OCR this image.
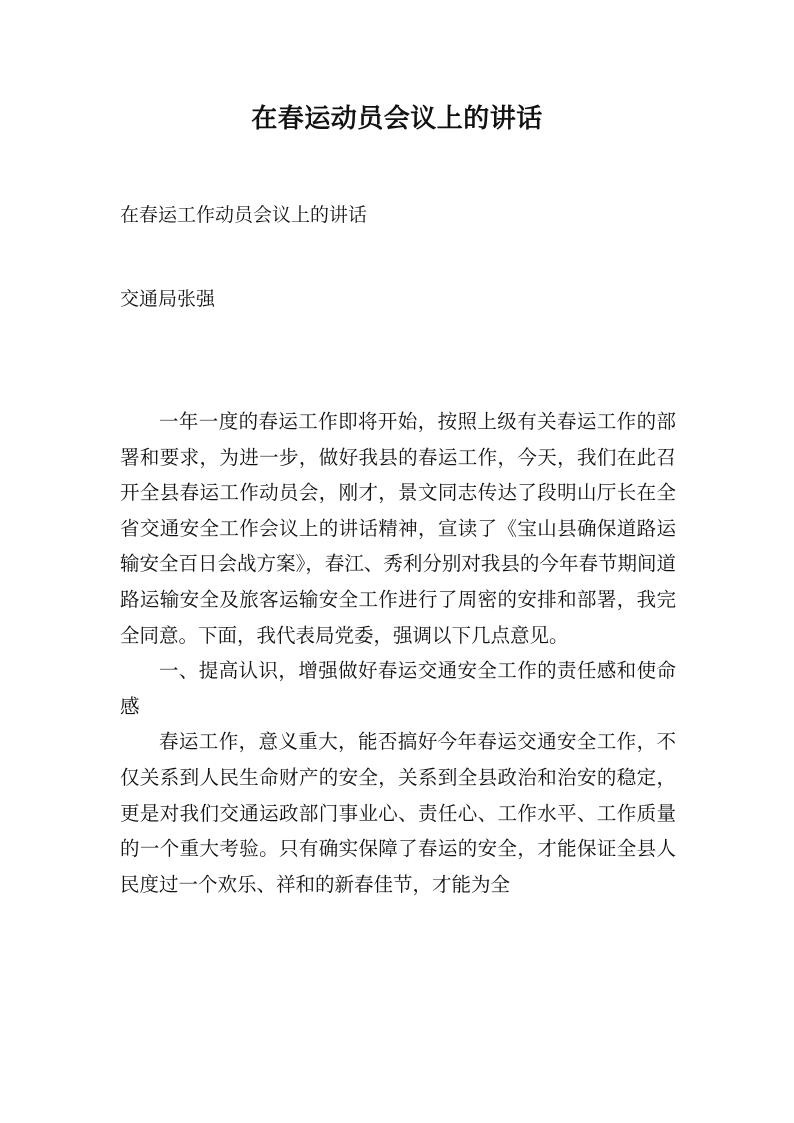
在春运动员会议上的讲话
在春运工作动员会议上的讲话
交通局张强

一年一度的春运工作即将开始，按照上级有关春运工作的部署和要求，为进一步，做好我县的春运工作，今天，我们在此召开全县春运工作动员会，刚才，景文同志传达了段明山厅长在全省交通安全工作会议上的讲话精神，宣读了《宝山县确保道路运输安全百日会战方案》，春江、秀利分别对我县的今年春节期间道路运输安全及旅客运输安全工作进行了周密的安排和部署，我完全同意。下面，我代表局党委，强调以下几点意见。

一、提高认识，增强做好春运交通安全工作的责任感和使命感

春运工作，意义重大，能否搞好今年春运交通安全工作，不仅关系到人民生命财产的安全，关系到全县政治和治安的稳定，更是对我们交通运政部门事业心、责任心、工作水平、工作质量的一个重大考验。只有确实保障了春运的安全，才能保证全县人民度过一个欢乐、祥和的新春佳节，才能为全
